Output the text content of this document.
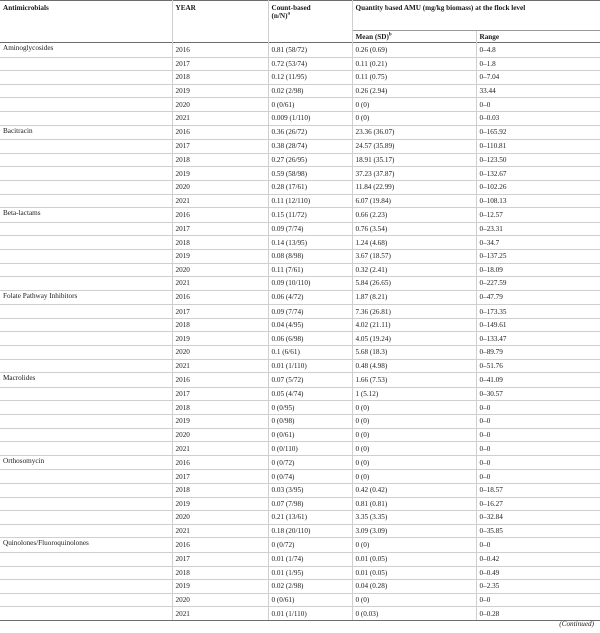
Antimicrobials	YEAR	Count-based
$(n/N)^a$	Quantity based AMU (mg/kg biomass) at the flock level	
			Mean (SD)$^b$	Range
Aminoglycosides	2016	0.81 (58/72)	0.26 (0.69)	0–4.8
	2017	0.72 (53/74)	0.11 (0.21)	0–1.8
	2018	0.12 (11/95)	0.11 (0.75)	0–7.04
	2019	0.02 (2/98)	0.26 (2.94)	33.44
	2020	0 (0/61)	0 (0)	0–0
	2021	0.009 (1/110)	0 (0)	0–0.03
Bacitracin	2016	0.36 (26/72)	23.36 (36.07)	0–165.92
	2017	0.38 (28/74)	24.57 (35.89)	0–110.81
	2018	0.27 (26/95)	18.91 (35.17)	0–123.50
	2019	0.59 (58/98)	37.23 (37.87)	0–132.67
	2020	0.28 (17/61)	11.84 (22.99)	0–102.26
	2021	0.11 (12/110)	6.07 (19.84)	0–108.13
Beta-lactams	2016	0.15 (11/72)	0.66 (2.23)	0–12.57
	2017	0.09 (7/74)	0.76 (3.54)	0–23.31
	2018	0.14 (13/95)	1.24 (4.68)	0–34.7
	2019	0.08 (8/98)	3.67 (18.57)	0–137.25
	2020	0.11 (7/61)	0.32 (2.41)	0–18.09
	2021	0.09 (10/110)	5.84 (26.65)	0–227.59
Folate Pathway Inhibitors	2016	0.06 (4/72)	1.87 (8.21)	0–47.79
	2017	0.09 (7/74)	7.36 (26.81)	0–173.35
	2018	0.04 (4/95)	4.02 (21.11)	0–149.61
	2019	0.06 (6/98)	4.05 (19.24)	0–133.47
	2020	0.1 (6/61)	5.68 (18.3)	0–89.79
	2021	0.01 (1/110)	0.48 (4.98)	0–51.76
Macrolides	2016	0.07 (5/72)	1.66 (7.53)	0–41.09
	2017	0.05 (4/74)	1 (5.12)	0–30.57
	2018	0 (0/95)	0 (0)	0–0
	2019	0 (0/98)	0 (0)	0–0
	2020	0 (0/61)	0 (0)	0–0
	2021	0 (0/110)	0 (0)	0–0
Orthosomycin	2016	0 (0/72)	0 (0)	0–0
	2017	0 (0/74)	0 (0)	0–0
	2018	0.03 (3/95)	0.42 (0.42)	0–18.57
	2019	0.07 (7/98)	0.81 (0.81)	0–16.27
	2020	0.21 (13/61)	3.35 (3.35)	0–32.84
	2021	0.18 (20/110)	3.09 (3.09)	0–35.85
Quinolones/Fluoroquinolones	2016	0 (0/72)	0 (0)	0–0
	2017	0.01 (1/74)	0.01 (0.05)	0–0.42
	2018	0.01 (1/95)	0.01 (0.05)	0–0.49
	2019	0.02 (2/98)	0.04 (0.28)	0–2.35
	2020	0 (0/61)	0 (0)	0–0
	2021	0.01 (1/110)	0 (0.03)	0–0.28
(Continued)
